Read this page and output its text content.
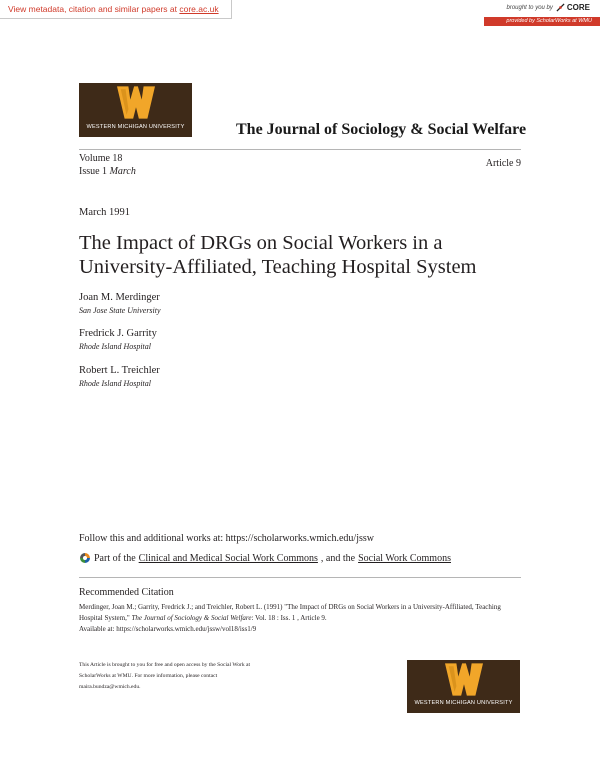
View metadata, citation and similar papers at core.ac.uk	brought to you by CORE
provided by ScholarWorks at WMU
WESTERN MICHIGAN UNIVERSITY	The Journal of Sociology & Social Welfare
Volume 18
Issue 1 March
Article 9
March 1991
The Impact of DRGs on Social Workers in a University-Affiliated, Teaching Hospital System
Joan M. Merdinger
San Jose State University
Fredrick J. Garrity
Rhode Island Hospital
Robert L. Treichler
Rhode Island Hospital
Follow this and additional works at: https://scholarworks.wmich.edu/jssw
Part of the Clinical and Medical Social Work Commons , and the Social Work Commons
Recommended Citation
Merdinger, Joan M.; Garrity, Fredrick J.; and Treichler, Robert L. (1991) "The Impact of DRGs on Social Workers in a University-Affiliated, Teaching Hospital System," The Journal of Sociology & Social Welfare: Vol. 18 : Iss. 1 , Article 9.
Available at: https://scholarworks.wmich.edu/jssw/vol18/iss1/9
This Article is brought to you for free and open access by the Social Work at
ScholarWorks at WMU. For more information, please contact
maira.bundza@wmich.edu.
WESTERN MICHIGAN UNIVERSITY
